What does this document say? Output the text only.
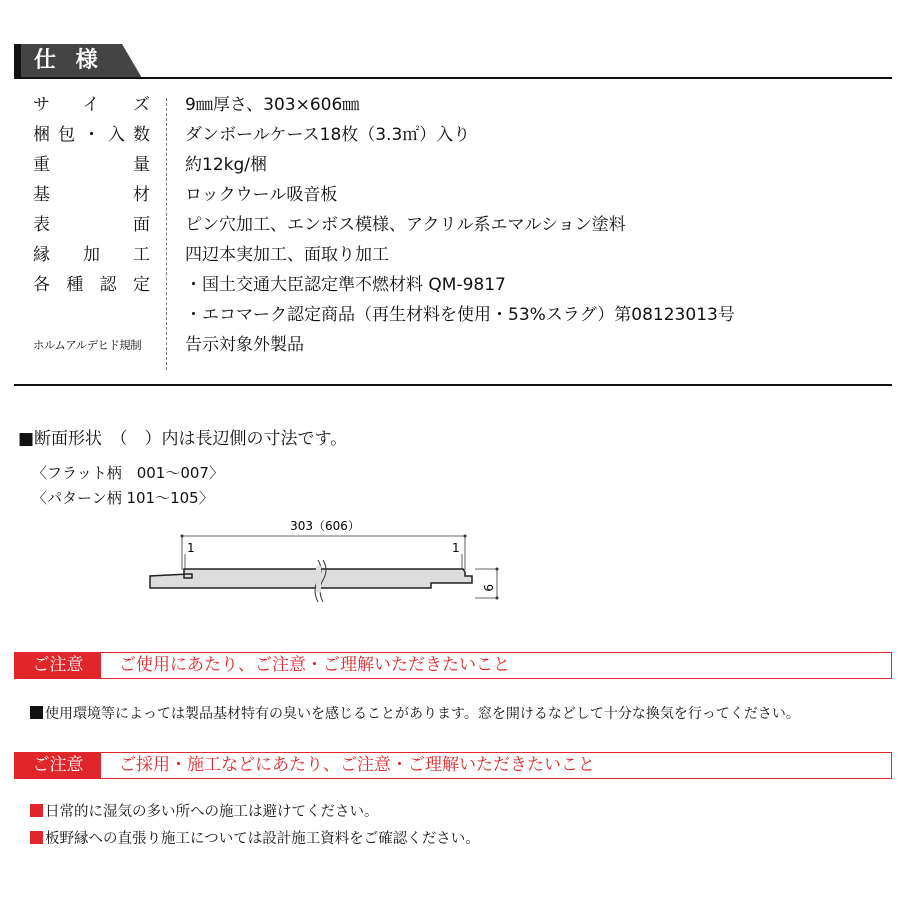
仕 様
サイズ 9㎜厚さ、303×606㎜
梱包・入数 ダンボールケース18枚（3.3㎡）入り
重量 約12kg/梱
基材 ロックウール吸音板
表面 ピン穴加工、エンボス模様、アクリル系エマルション塗料
縁加工 四辺本実加工、面取り加工
各種認定 ・国土交通大臣認定準不燃材料 QM-9817
・エコマーク認定商品（再生材料を使用・53%スラグ）第08123013号
ホルムアルデヒド規制	告示対象外製品
■断面形状　（　）内は長辺側の寸法です。
〈フラット柄　001～007〉
〈パターン柄 101～105〉
303（606）
1	1
9
ご注意	ご使用にあたり、ご注意・ご理解いただきたいこと
使用環境等によっては製品基材特有の臭いを感じることがあります。窓を開けるなどして十分な換気を行ってください。
ご注意	ご採用・施工などにあたり、ご注意・ご理解いただきたいこと
日常的に湿気の多い所への施工は避けてください。
板野縁への直張り施工については設計施工資料をご確認ください。
